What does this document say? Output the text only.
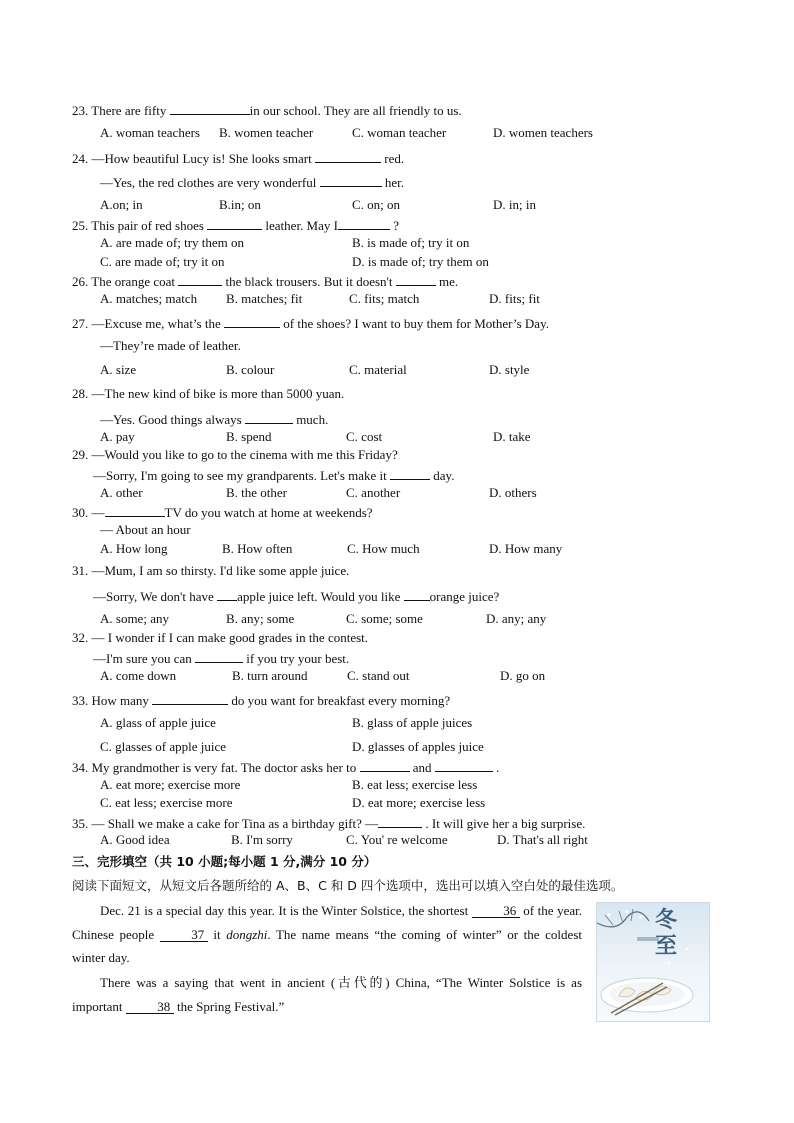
23. There are fifty	in our school. They are all friendly to us.
A. woman teachers B. women teacher	C. woman teacher	D. women teachers
24. —How beautiful Lucy is! She looks smart	red.
—Yes, the red clothes are very wonderful	her.
A.on; in	B.in; on	C. on; on	D. in; in
25. This pair of red shoes	leather. May I	?
A. are made of; try them on	B. is made of; try it on
C. are made of; try it on	D. is made of; try them on
26. The orange coat	the black trousers. But it doesn't	me.
A. matches; match B. matches; fit	C. fits; match	D. fits; fit
27. —Excuse me, what’s the	of the shoes? I want to buy them for Mother’s Day.
—They’re made of leather.
A. size	B. colour	C. material	D. style
28. —The new kind of bike is more than 5000 yuan.
—Yes. Good things always	much.
A. pay	B. spend	C. cost	D. take
29. —Would you like to go to the cinema with me this Friday?
—Sorry, I'm going to see my grandparents. Let's make it	day.
A. other	B. the other	C. another	D. others
30. —	TV do you watch at home at weekends?
— About an hour
A. How long	B. How often	C. How much	D. How many
31. —Mum, I am so thirsty. I'd like some apple juice.
—Sorry, We don't have apple juice left. Would you like orange juice?
A. some; any	B. any; some	C. some; some	D. any; any
32. — I wonder if I can make good grades in the contest.
—I'm sure you can	if you try your best.
A. come down	B. turn around	C. stand out	D. go on
33. How many	do you want for breakfast every morning?
A. glass of apple juice	B. glass of apple juices
C. glasses of apple juice	D. glasses of apples juice
34. My grandmother is very fat. The doctor asks her to	and	.
A. eat more; exercise more	B. eat less; exercise less
C. eat less; exercise more	D. eat more; exercise less
35. — Shall we make a cake for Tina as a birthday gift? —	. It will give her a big surprise.
A. Good idea	B. I'm sorry	C. You' re welcome	D. That's all right
三、完形填空（共 10 小题;每小题 1 分,满分 10 分）
阅读下面短文，从短文后各题所给的 A、B、C 和 D 四个选项中，选出可以填入空白处的最佳选项。
Dec. 21 is a special day this year. It is the Winter Solstice, the shortest 36 of the year. Chinese people 37 it dongzhi. The name means “the coming of winter” or the coldest winter day.
There was a saying that went in ancient (古代的) China, “The Winter Solstice is as important 38 the Spring Festival.”
冬至
